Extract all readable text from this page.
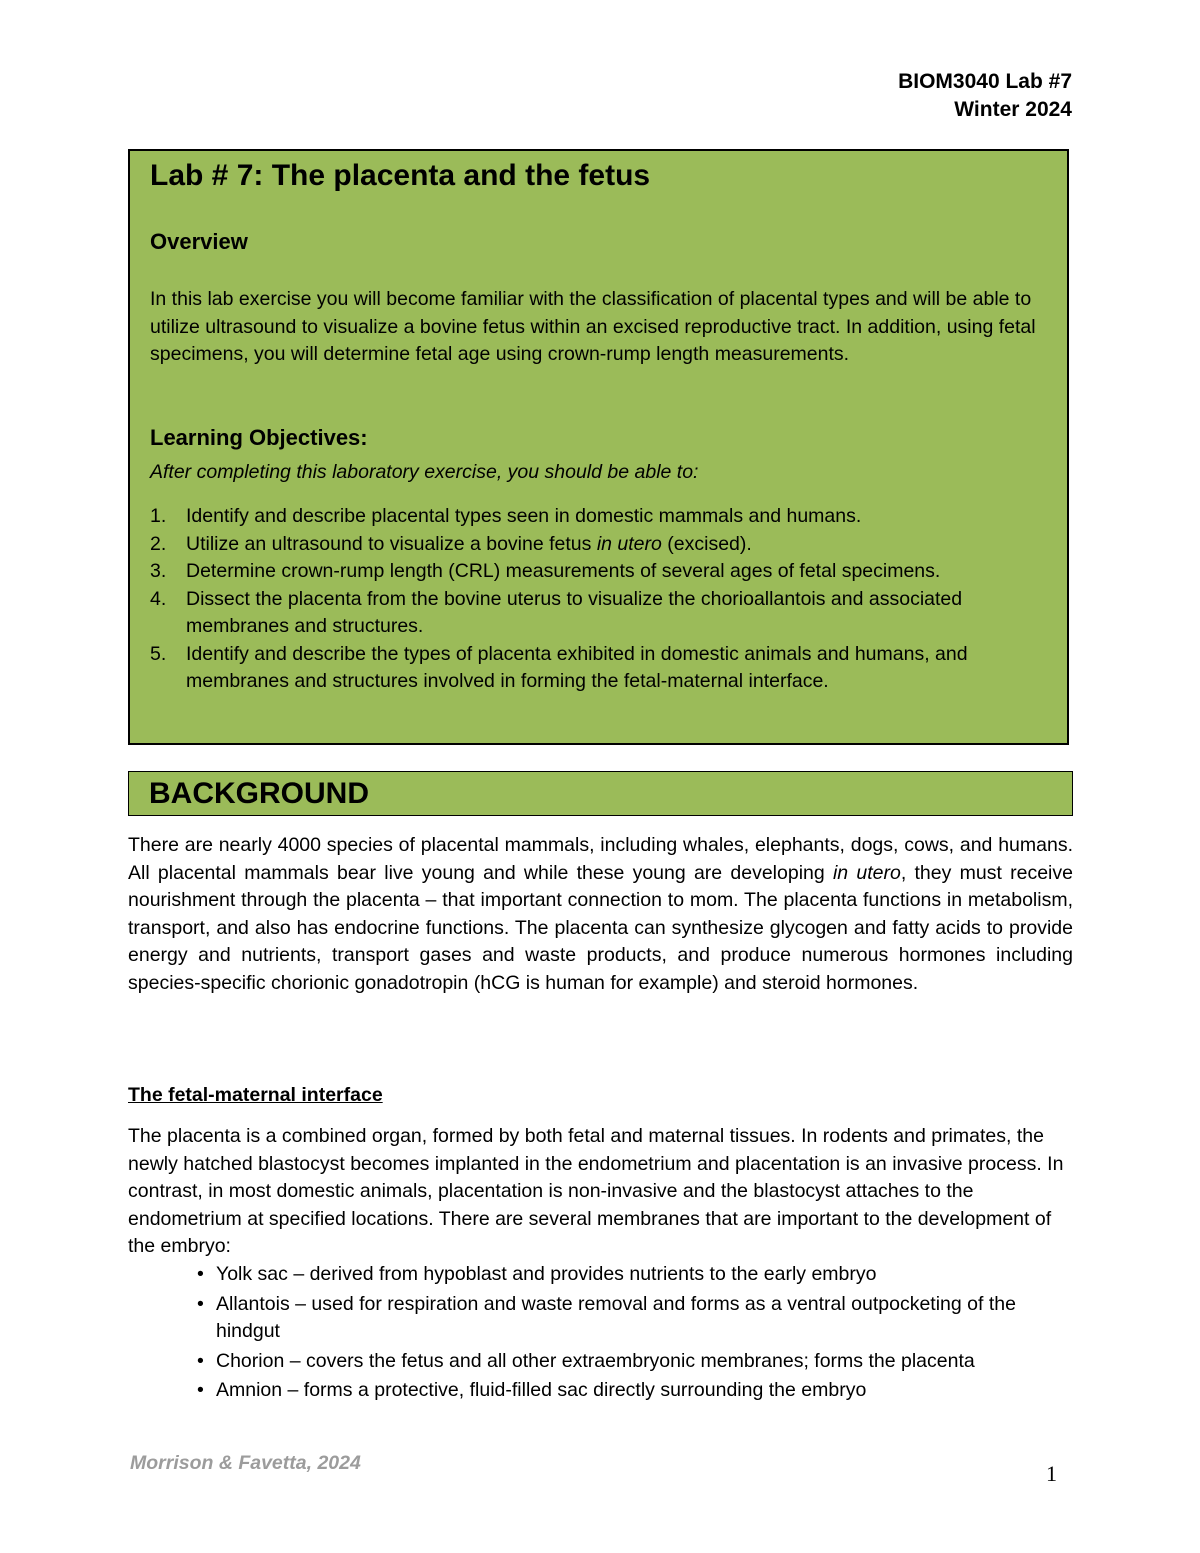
BIOM3040 Lab #7
Winter 2024
Lab # 7: The placenta and the fetus
Overview

In this lab exercise you will become familiar with the classification of placental types and will be able to utilize ultrasound to visualize a bovine fetus within an excised reproductive tract. In addition, using fetal specimens, you will determine fetal age using crown-rump length measurements.

Learning Objectives:

After completing this laboratory exercise, you should be able to:

1. Identify and describe placental types seen in domestic mammals and humans.
2. Utilize an ultrasound to visualize a bovine fetus in utero (excised).
3. Determine crown-rump length (CRL) measurements of several ages of fetal specimens.
4. Dissect the placenta from the bovine uterus to visualize the chorioallantois and associated membranes and structures.
5. Identify and describe the types of placenta exhibited in domestic animals and humans, and membranes and structures involved in forming the fetal-maternal interface.
BACKGROUND

There are nearly 4000 species of placental mammals, including whales, elephants, dogs, cows, and humans. All placental mammals bear live young and while these young are developing in utero, they must receive nourishment through the placenta – that important connection to mom. The placenta functions in metabolism, transport, and also has endocrine functions. The placenta can synthesize glycogen and fatty acids to provide energy and nutrients, transport gases and waste products, and produce numerous hormones including species-specific chorionic gonadotropin (hCG is human for example) and steroid hormones.

The fetal-maternal interface

The placenta is a combined organ, formed by both fetal and maternal tissues. In rodents and primates, the newly hatched blastocyst becomes implanted in the endometrium and placentation is an invasive process. In contrast, in most domestic animals, placentation is non-invasive and the blastocyst attaches to the endometrium at specified locations. There are several membranes that are important to the development of the embryo:

• Yolk sac – derived from hypoblast and provides nutrients to the early embryo
• Allantois – used for respiration and waste removal and forms as a ventral outpocketing of the hindgut
• Chorion – covers the fetus and all other extraembryonic membranes; forms the placenta
• Amnion – forms a protective, fluid-filled sac directly surrounding the embryo

Morrison & Favetta, 2024	1
